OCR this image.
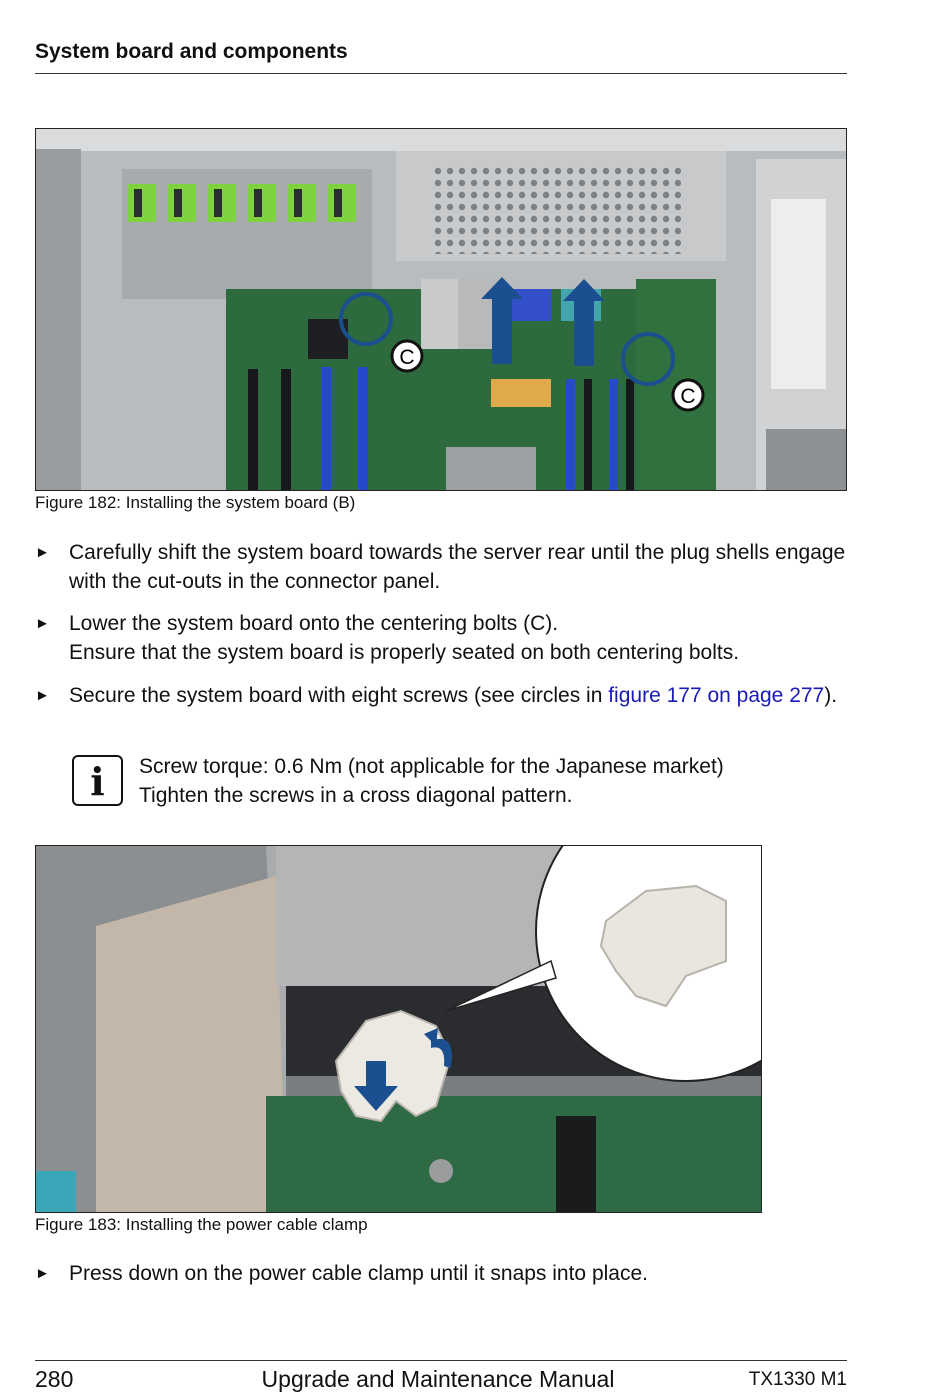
System board and components
C
C
Figure 182: Installing the system board (B)
► Carefully shift the system board towards the server rear until the plug shells engage with the cut-outs in the connector panel.
► Lower the system board onto the centering bolts (C).
Ensure that the system board is properly seated on both centering bolts.
► Secure the system board with eight screws (see circles in figure 177 on page 277).
i	Screw torque: 0.6 Nm (not applicable for the Japanese market)
Tighten the screws in a cross diagonal pattern.
Figure 183: Installing the power cable clamp
► Press down on the power cable clamp until it snaps into place.
280	Upgrade and Maintenance Manual	TX1330 M1
